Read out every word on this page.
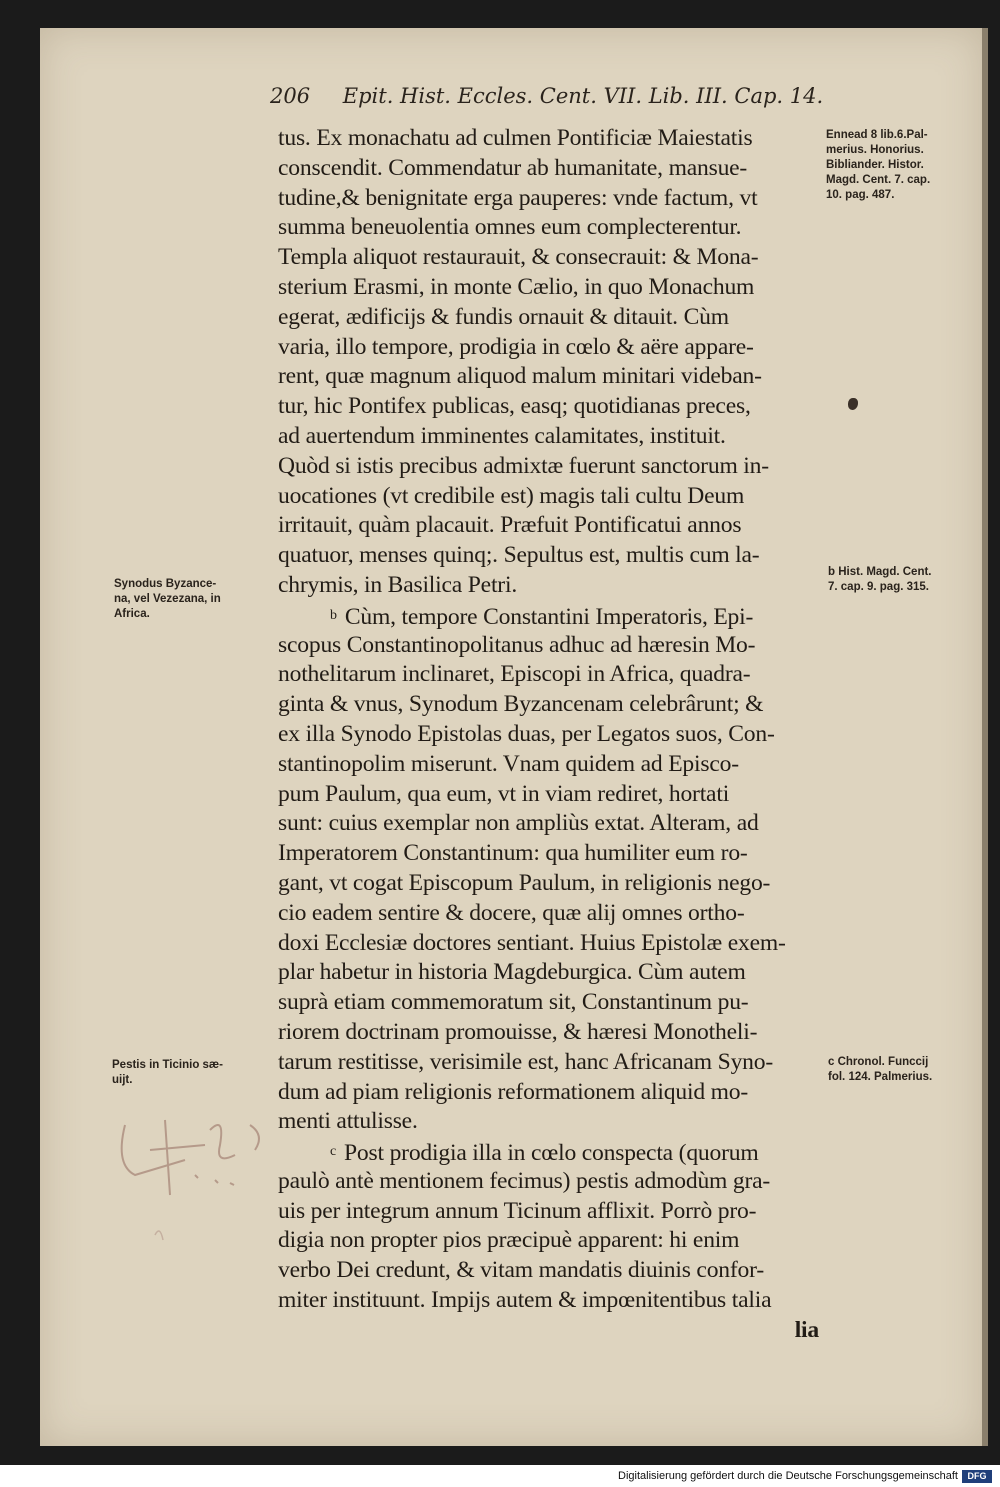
206 Epit. Hist. Eccles. Cent. VII. Lib. III. Cap. 14.
tus. Ex monachatu ad culmen Pontificiæ Maiestatis
conscendit. Commendatur ab humanitate, mansue-
tudine,& benignitate erga pauperes: vnde factum, vt
summa beneuolentia omnes eum complecterentur.
Templa aliquot restaurauit, & consecrauit: & Mona-
sterium Erasmi, in monte Cælio, in quo Monachum
egerat, ædificijs & fundis ornauit & ditauit. Cùm
varia, illo tempore, prodigia in cœlo & aëre appare-
rent, quæ magnum aliquod malum minitari videban-
tur, hic Pontifex publicas, easq; quotidianas preces,
ad auertendum imminentes calamitates, instituit.
Quòd si istis precibus admixtæ fuerunt sanctorum in-
uocationes (vt credibile est) magis tali cultu Deum
irritauit, quàm placauit. Præfuit Pontificatui annos
quatuor, menses quinq;. Sepultus est, multis cum la-
chrymis, in Basilica Petri.
$^b$ Cùm, tempore Constantini Imperatoris, Epi-
scopus Constantinopolitanus adhuc ad hæresin Mo-
nothelitarum inclinaret, Episcopi in Africa, quadra-
ginta & vnus, Synodum Byzancenam celebrârunt; &
ex illa Synodo Epistolas duas, per Legatos suos, Con-
stantinopolim miserunt. Vnam quidem ad Episco-
pum Paulum, qua eum, vt in viam rediret, hortati
sunt: cuius exemplar non ampliùs extat. Alteram, ad
Imperatorem Constantinum: qua humiliter eum ro-
gant, vt cogat Episcopum Paulum, in religionis nego-
cio eadem sentire & docere, quæ alij omnes ortho-
doxi Ecclesiæ doctores sentiant. Huius Epistolæ exem-
plar habetur in historia Magdeburgica. Cùm autem
suprà etiam commemoratum sit, Constantinum pu-
riorem doctrinam promouisse, & hæresi Monotheli-
tarum restitisse, verisimile est, hanc Africanam Syno-
dum ad piam religionis reformationem aliquid mo-
menti attulisse.
$^c$ Post prodigia illa in cœlo conspecta (quorum
paulò antè mentionem fecimus) pestis admodùm gra-
uis per integrum annum Ticinum afflixit. Porrò pro-
digia non propter pios præcipuè apparent: hi enim
verbo Dei credunt, & vitam mandatis diuinis confor-
miter instituunt. Impijs autem & impœnitentibus talia
lia
Ennead 8 lib.6.Pal-
merius. Honorius.
Bibliander. Histor.
Magd. Cent. 7. cap.
10. pag. 487.
b Hist. Magd. Cent.
7. cap. 9. pag. 315.
c Chronol. Funccij
fol. 124. Palmerius.
Synodus Byzance-
na, vel Vezezana, in
Africa.
Pestis in Ticinio sæ-
uijt.
Digitalisierung gefördert durch die Deutsche Forschungsgemeinschaft	DFG
